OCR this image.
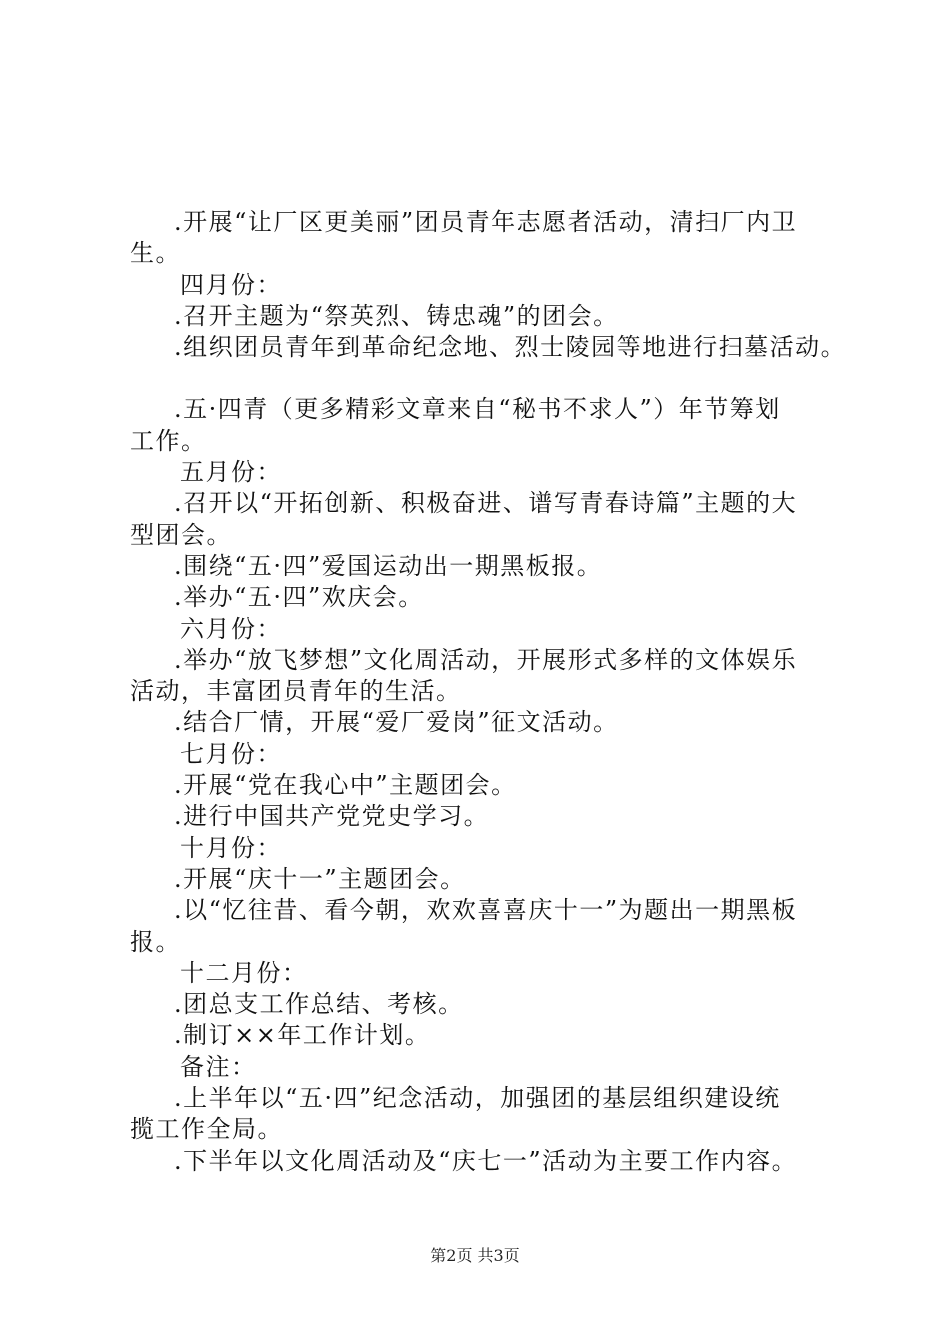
.开展“让厂区更美丽”团员青年志愿者活动，清扫厂内卫
生。
四月份：
.召开主题为“祭英烈、铸忠魂”的团会。
.组织团员青年到革命纪念地、烈士陵园等地进行扫墓活动。
.五·四青（更多精彩文章来自“秘书不求人”）年节筹划
工作。
五月份：
.召开以“开拓创新、积极奋进、谱写青春诗篇”主题的大
型团会。
.围绕“五·四”爱国运动出一期黑板报。
.举办“五·四”欢庆会。
六月份：
.举办“放飞梦想”文化周活动，开展形式多样的文体娱乐
活动，丰富团员青年的生活。
.结合厂情，开展“爱厂爱岗”征文活动。
七月份：
.开展“党在我心中”主题团会。
.进行中国共产党党史学习。
十月份：
.开展“庆十一”主题团会。
.以“忆往昔、看今朝，欢欢喜喜庆十一”为题出一期黑板
报。
十二月份：
.团总支工作总结、考核。
.制订××年工作计划。
备注：
.上半年以“五·四”纪念活动，加强团的基层组织建设统
揽工作全局。
.下半年以文化周活动及“庆七一”活动为主要工作内容。
第2页 共3页
